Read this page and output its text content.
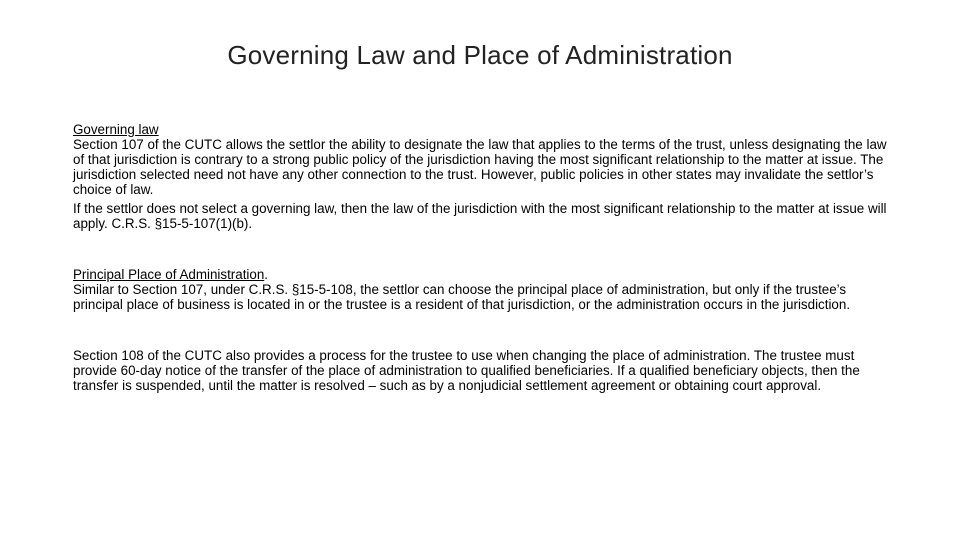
Governing Law and Place of Administration
Governing law

Section 107 of the CUTC allows the settlor the ability to designate the law that applies to the terms of the trust, unless designating the law of that jurisdiction is contrary to a strong public policy of the jurisdiction having the most significant relationship to the matter at issue. The jurisdiction selected need not have any other connection to the trust. However, public policies in other states may invalidate the settlor’s choice of law.

If the settlor does not select a governing law, then the law of the jurisdiction with the most significant relationship to the matter at issue will apply. C.R.S. §15-5-107(1)(b).

Principal Place of Administration.

Similar to Section 107, under C.R.S. §15-5-108, the settlor can choose the principal place of administration, but only if the trustee’s principal place of business is located in or the trustee is a resident of that jurisdiction, or the administration occurs in the jurisdiction.

Section 108 of the CUTC also provides a process for the trustee to use when changing the place of administration. The trustee must provide 60-day notice of the transfer of the place of administration to qualified beneficiaries. If a qualified beneficiary objects, then the transfer is suspended, until the matter is resolved – such as by a nonjudicial settlement agreement or obtaining court approval.
